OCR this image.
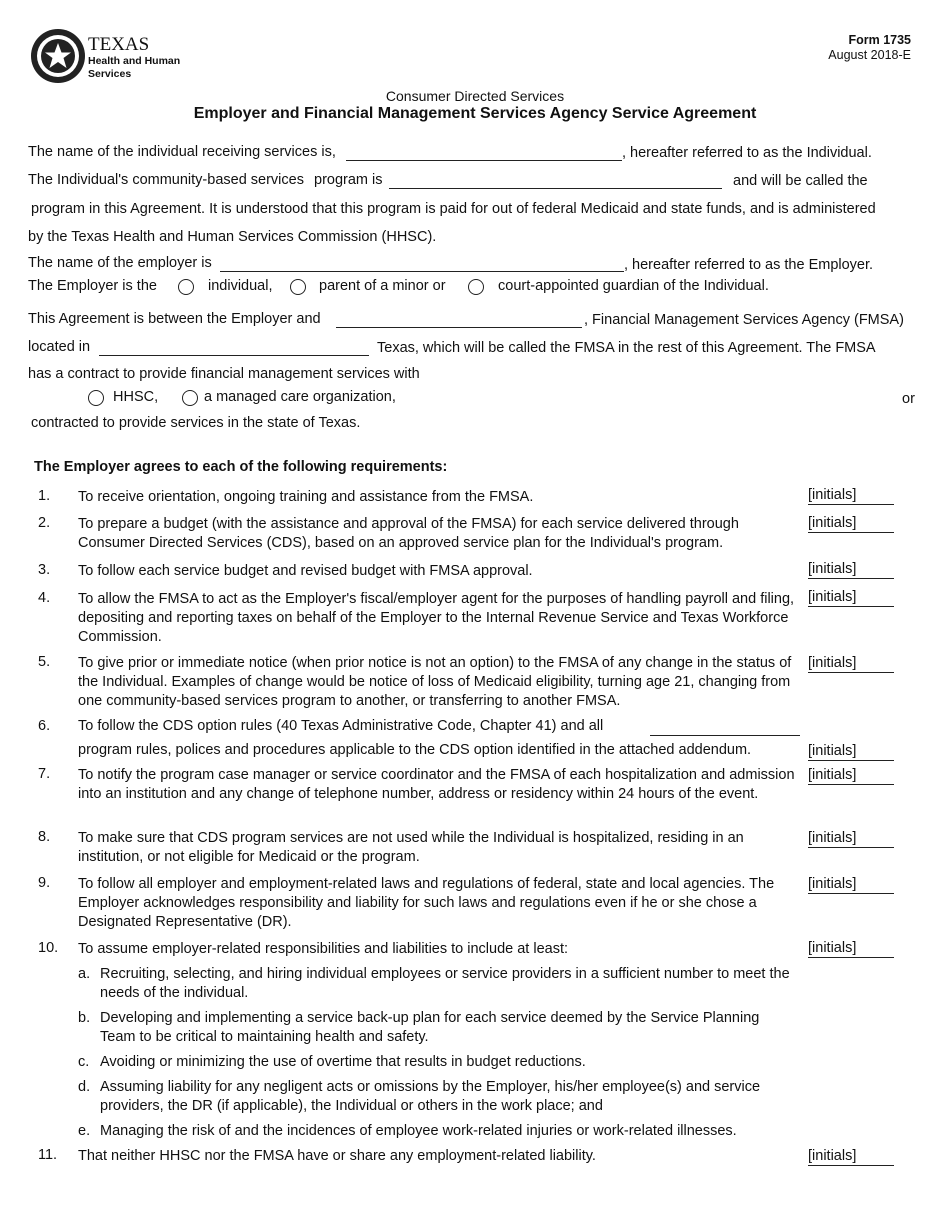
TEXAS
Health and Human
Services
Form 1735
August 2018-E
Consumer Directed Services
Employer and Financial Management Services Agency Service Agreement
The name of the individual receiving services is,	, hereafter referred to as the Individual.
The Individual's community-based services program is	and will be called the
program in this Agreement. It is understood that this program is paid for out of federal Medicaid and state funds, and is administered
by the Texas Health and Human Services Commission (HHSC).
The name of the employer is	, hereafter referred to as the Employer.
The Employer is the	individual,	parent of a minor or	court-appointed guardian of the Individual.
This Agreement is between the Employer and	, Financial Management Services Agency (FMSA)
located in	Texas, which will be called the FMSA in the rest of this Agreement. The FMSA
has a contract to provide financial management services with
HHSC,	a managed care organization,	or
contracted to provide services in the state of Texas.
The Employer agrees to each of the following requirements:
1. To receive orientation, ongoing training and assistance from the FMSA.	[initials]
2. To prepare a budget (with the assistance and approval of the FMSA) for each service delivered through Consumer Directed Services (CDS), based on an approved service plan for the Individual's program.
[initials]
3. To follow each service budget and revised budget with FMSA approval.	[initials]
4. To allow the FMSA to act as the Employer's fiscal/employer agent for the purposes of handling payroll and filing, depositing and reporting taxes on behalf of the Employer to the Internal Revenue Service and Texas Workforce Commission.
[initials]
5. To give prior or immediate notice (when prior notice is not an option) to the FMSA of any change in the status of the Individual. Examples of change would be notice of loss of Medicaid eligibility, turning age 21, changing from one community-based services program to another, or transferring to another FMSA.
[initials]
6. To follow the CDS option rules (40 Texas Administrative Code, Chapter 41) and all
program rules, polices and procedures applicable to the CDS option identified in the attached addendum.	[initials]
7. To notify the program case manager or service coordinator and the FMSA of each hospitalization and admission into an institution and any change of telephone number, address or residency within 24 hours of the event.
[initials]
8. To make sure that CDS program services are not used while the Individual is hospitalized, residing in an institution, or not eligible for Medicaid or the program.
[initials]
9. To follow all employer and employment-related laws and regulations of federal, state and local agencies. The Employer acknowledges responsibility and liability for such laws and regulations even if he or she chose a Designated Representative (DR).
[initials]
10. To assume employer-related responsibilities and liabilities to include at least:	[initials]
a. Recruiting, selecting, and hiring individual employees or service providers in a sufficient number to meet the needs of the individual.
b. Developing and implementing a service back-up plan for each service deemed by the Service Planning Team to be critical to maintaining health and safety.
c. Avoiding or minimizing the use of overtime that results in budget reductions.
d. Assuming liability for any negligent acts or omissions by the Employer, his/her employee(s) and service providers, the DR (if applicable), the Individual or others in the work place; and
e. Managing the risk of and the incidences of employee work-related injuries or work-related illnesses.
11. That neither HHSC nor the FMSA have or share any employment-related liability.	[initials]
